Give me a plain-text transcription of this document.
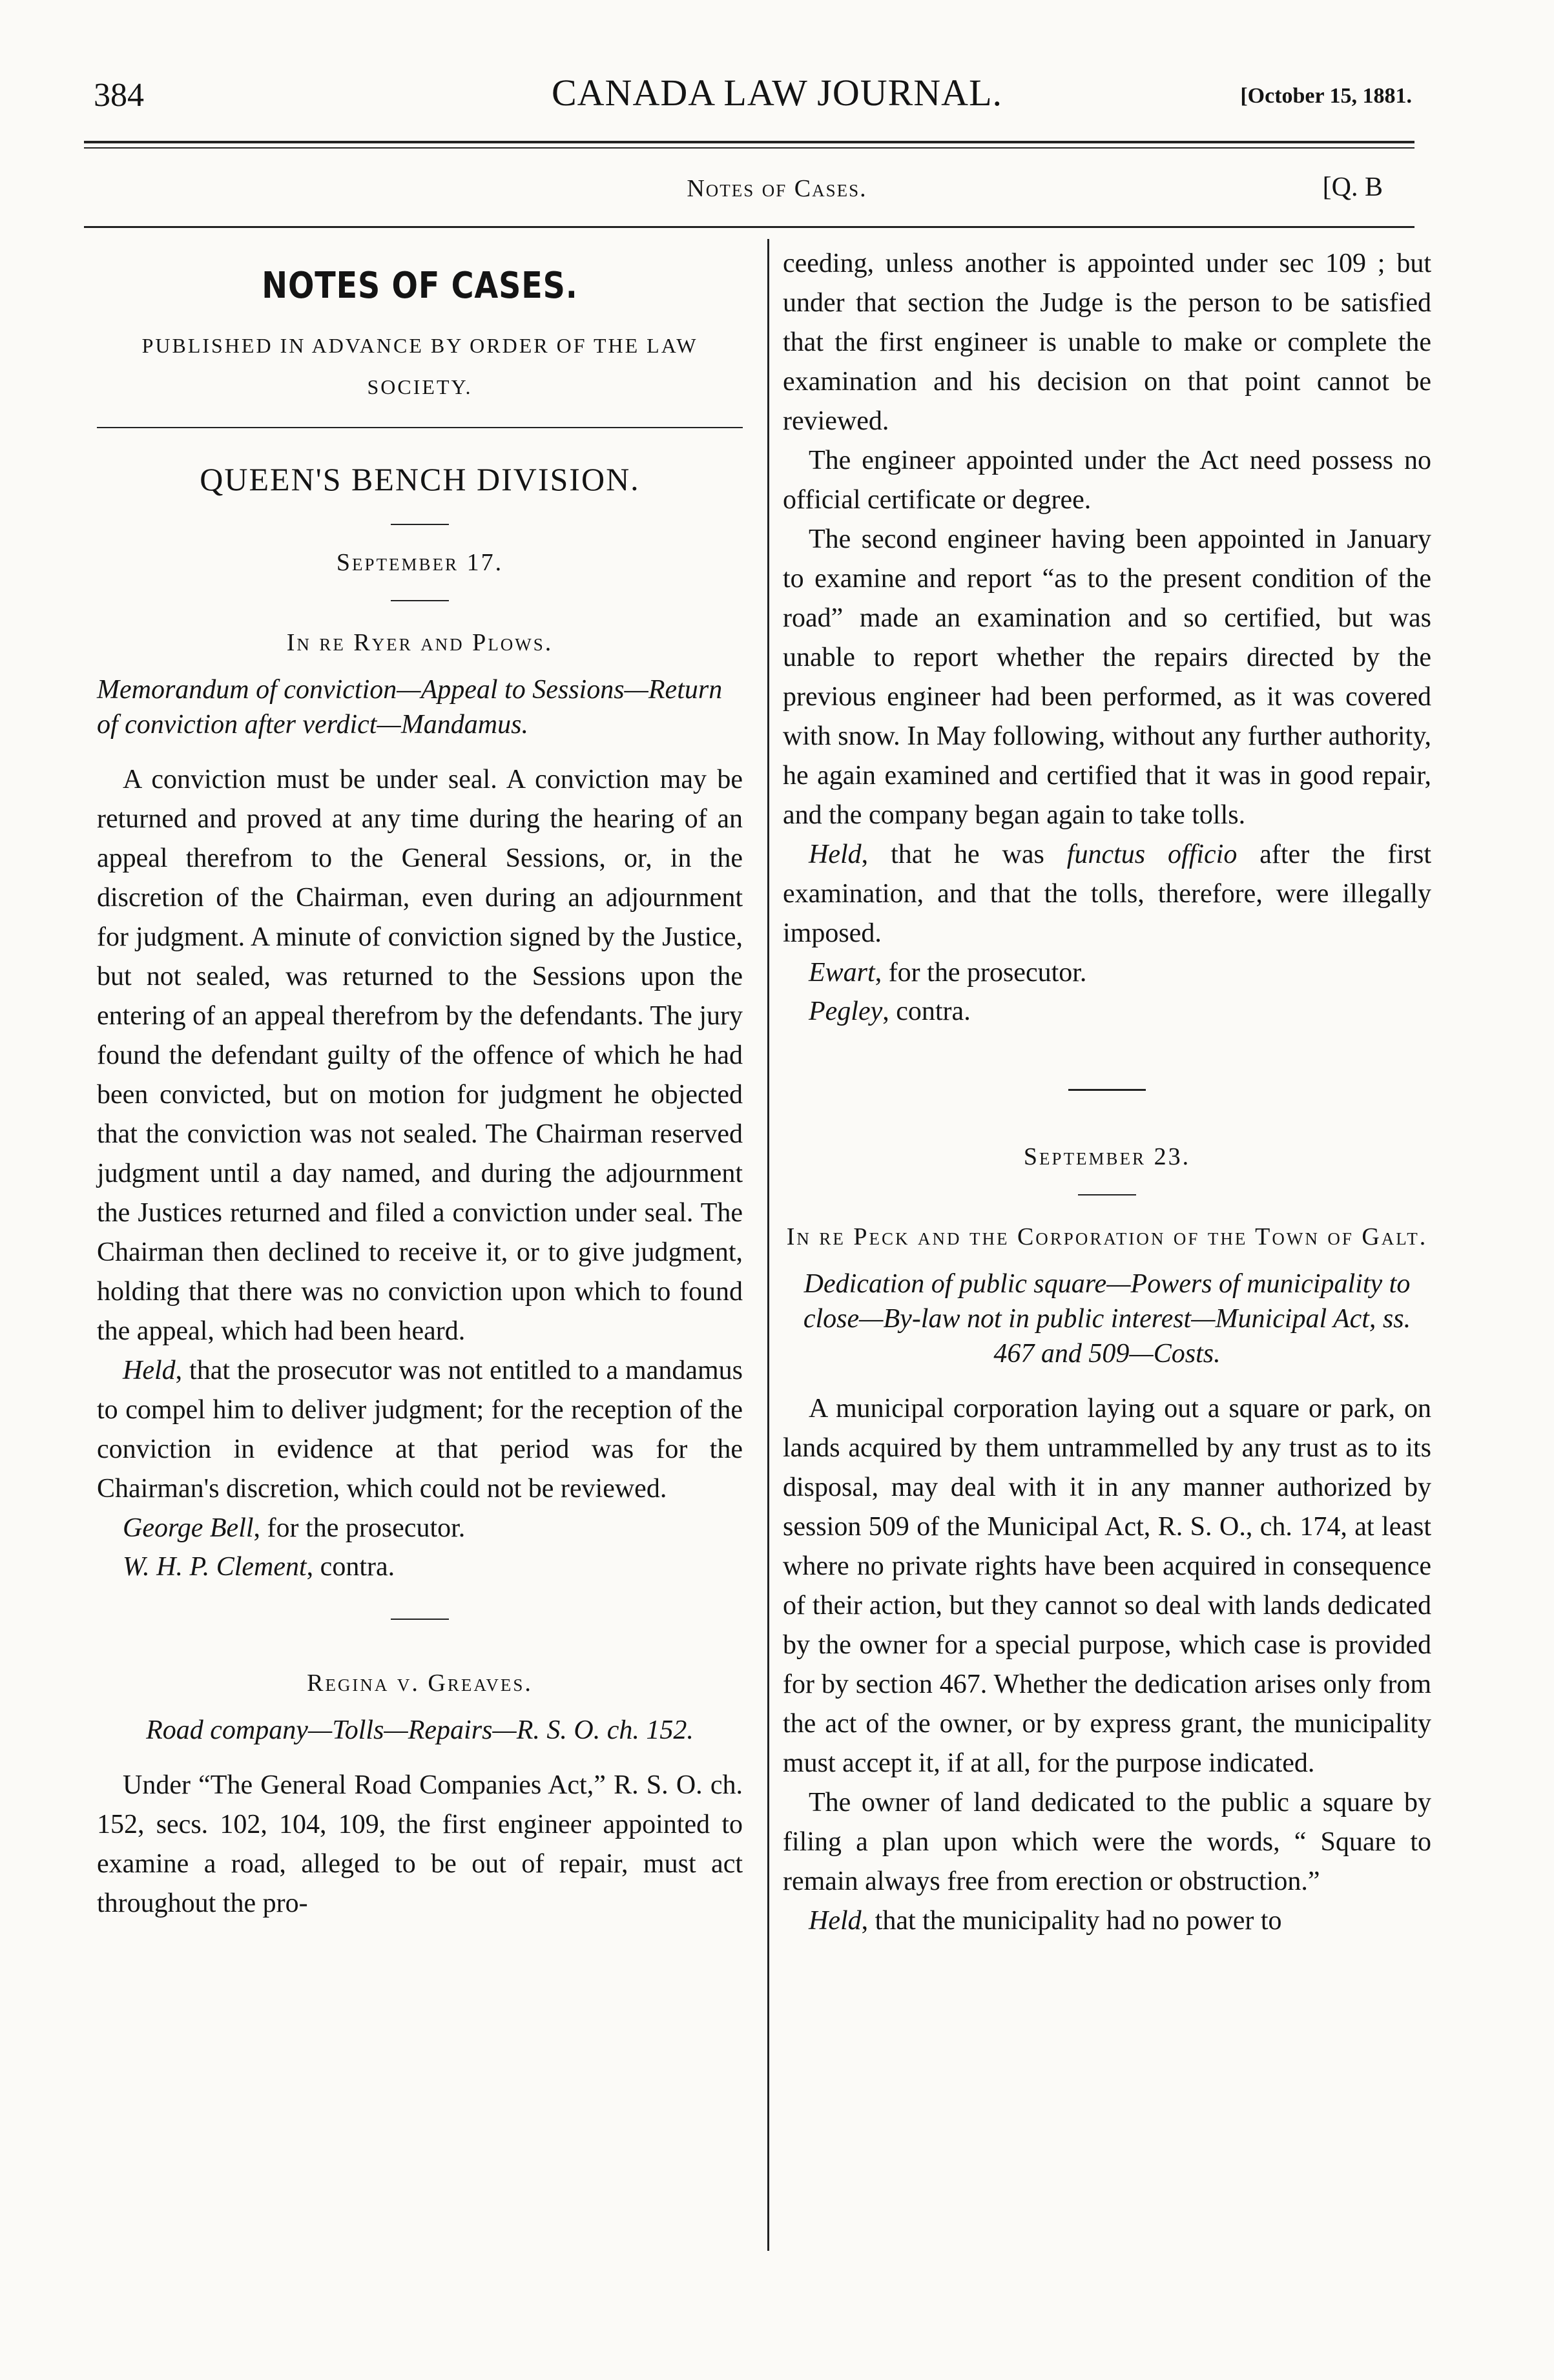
384	CANADA LAW JOURNAL.	[October 15, 1881.
Notes of Cases.	[Q. B
NOTES OF CASES.

PUBLISHED IN ADVANCE BY ORDER OF THE LAW SOCIETY.

QUEEN'S BENCH DIVISION.

September 17.

In re Ryer and Plows.

Memorandum of conviction—Appeal to Sessions—Return of conviction after verdict—Mandamus.

A conviction must be under seal. A conviction may be returned and proved at any time during the hearing of an appeal therefrom to the General Sessions, or, in the discretion of the Chairman, even during an adjournment for judgment. A minute of conviction signed by the Justice, but not sealed, was returned to the Sessions upon the entering of an appeal therefrom by the defendants. The jury found the defendant guilty of the offence of which he had been convicted, but on motion for judgment he objected that the conviction was not sealed. The Chairman reserved judgment until a day named, and during the adjournment the Justices returned and filed a conviction under seal. The Chairman then declined to receive it, or to give judgment, holding that there was no conviction upon which to found the appeal, which had been heard.

Held, that the prosecutor was not entitled to a mandamus to compel him to deliver judgment; for the reception of the conviction in evidence at that period was for the Chairman's discretion, which could not be reviewed.

George Bell, for the prosecutor.

W. H. P. Clement, contra.

Regina v. Greaves.

Road company—Tolls—Repairs—R. S. O. ch. 152.

Under “The General Road Companies Act,” R. S. O. ch. 152, secs. 102, 104, 109, the first engineer appointed to examine a road, alleged to be out of repair, must act throughout the pro-

ceeding, unless another is appointed under sec 109 ; but under that section the Judge is the person to be satisfied that the first engineer is unable to make or complete the examination and his decision on that point cannot be reviewed.

The engineer appointed under the Act need possess no official certificate or degree.

The second engineer having been appointed in January to examine and report “as to the present condition of the road” made an examination and so certified, but was unable to report whether the repairs directed by the previous engineer had been performed, as it was covered with snow. In May following, without any further authority, he again examined and certified that it was in good repair, and the company began again to take tolls.

Held, that he was functus officio after the first examination, and that the tolls, therefore, were illegally imposed.

Ewart, for the prosecutor.

Pegley, contra.

September 23.

In re Peck and the Corporation of the Town of Galt.

Dedication of public square—Powers of municipality to close—By-law not in public interest—Municipal Act, ss. 467 and 509—Costs.

A municipal corporation laying out a square or park, on lands acquired by them untrammelled by any trust as to its disposal, may deal with it in any manner authorized by session 509 of the Municipal Act, R. S. O., ch. 174, at least where no private rights have been acquired in consequence of their action, but they cannot so deal with lands dedicated by the owner for a special purpose, which case is provided for by section 467. Whether the dedication arises only from the act of the owner, or by express grant, the municipality must accept it, if at all, for the purpose indicated.

The owner of land dedicated to the public a square by filing a plan upon which were the words, “ Square to remain always free from erection or obstruction.”

Held, that the municipality had no power to
